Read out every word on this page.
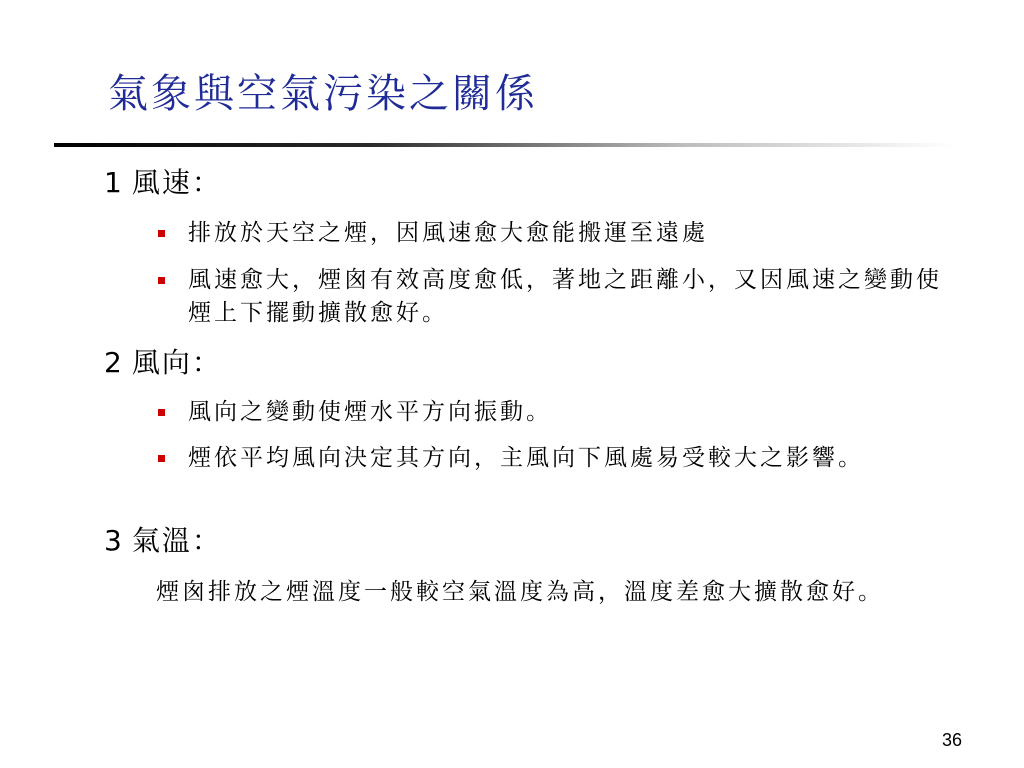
氣象與空氣污染之關係
1 風速：
排放於天空之煙，因風速愈大愈能搬運至遠處
風速愈大，煙囪有效高度愈低，著地之距離小，又因風速之變動使煙上下擺動擴散愈好。
2 風向：
風向之變動使煙水平方向振動。
煙依平均風向決定其方向，主風向下風處易受較大之影響。
3 氣溫：
煙囪排放之煙溫度一般較空氣溫度為高，溫度差愈大擴散愈好。
36
